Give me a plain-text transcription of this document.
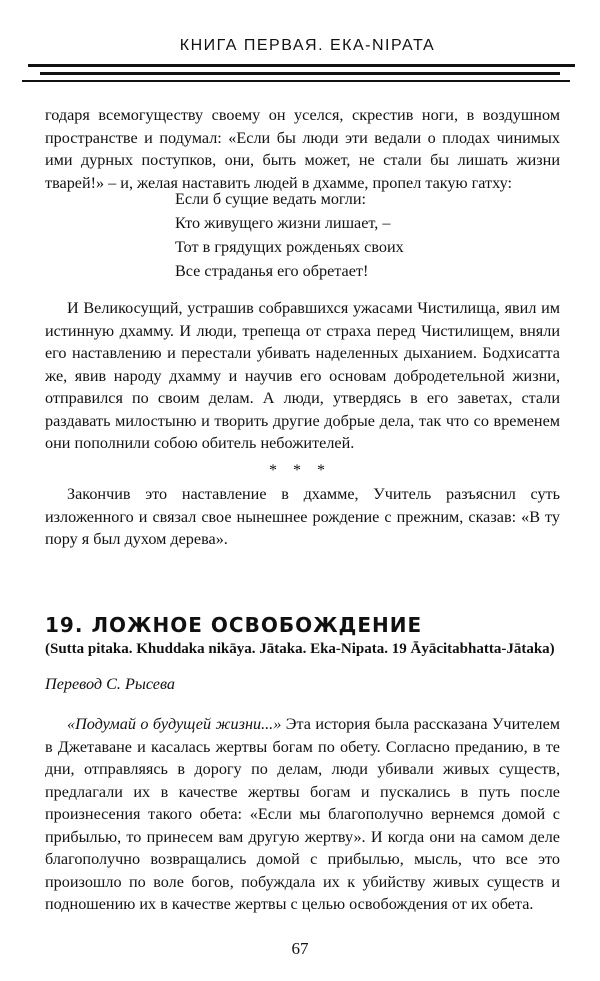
КНИГА ПЕРВАЯ. ЕКА-NIPATA

годаря всемогуществу своему он уселся, скрестив ноги, в воздушном пространстве и подумал: «Если бы люди эти ведали о плодах чинимых ими дурных поступков, они, быть может, не стали бы лишать жизни тварей!» – и, желая наставить людей в дхамме, пропел такую гатху:

Если б сущие ведать могли:
Кто живущего жизни лишает, –
Тот в грядущих рожденьях своих
Все страданья его обретает!

И Великосущий, устрашив собравшихся ужасами Чистилища, явил им истинную дхамму. И люди, трепеща от страха перед Чистилищем, вняли его наставлению и перестали убивать наделенных дыханием. Бодхисатта же, явив народу дхамму и научив его основам добродетельной жизни, отправился по своим делам. А люди, утвердясь в его заветах, стали раздавать милостыню и творить другие добрые дела, так что со временем они пополнили собою обитель небожителей.

* * *

Закончив это наставление в дхамме, Учитель разъяснил суть изложенного и связал свое нынешнее рождение с прежним, сказав: «В ту пору я был духом дерева».

19. ЛОЖНОЕ ОСВОБОЖДЕНИЕ
(Sutta pitaka. Khuddaka nikāya. Jātaka. Eka-Nipata. 19 Āyācitabhatta-Jātaka)
Перевод С. Рысева

«Подумай о будущей жизни...» Эта история была рассказана Учителем в Джетаване и касалась жертвы богам по обету. Согласно преданию, в те дни, отправляясь в дорогу по делам, люди убивали живых существ, предлагали их в качестве жертвы богам и пускались в путь после произнесения такого обета: «Если мы благополучно вернемся домой с прибылью, то принесем вам другую жертву». И когда они на самом деле благополучно возвращались домой с прибылью, мысль, что все это произошло по воле богов, побуждала их к убийству живых существ и подношению их в качестве жертвы с целью освобождения от их обета.

67
